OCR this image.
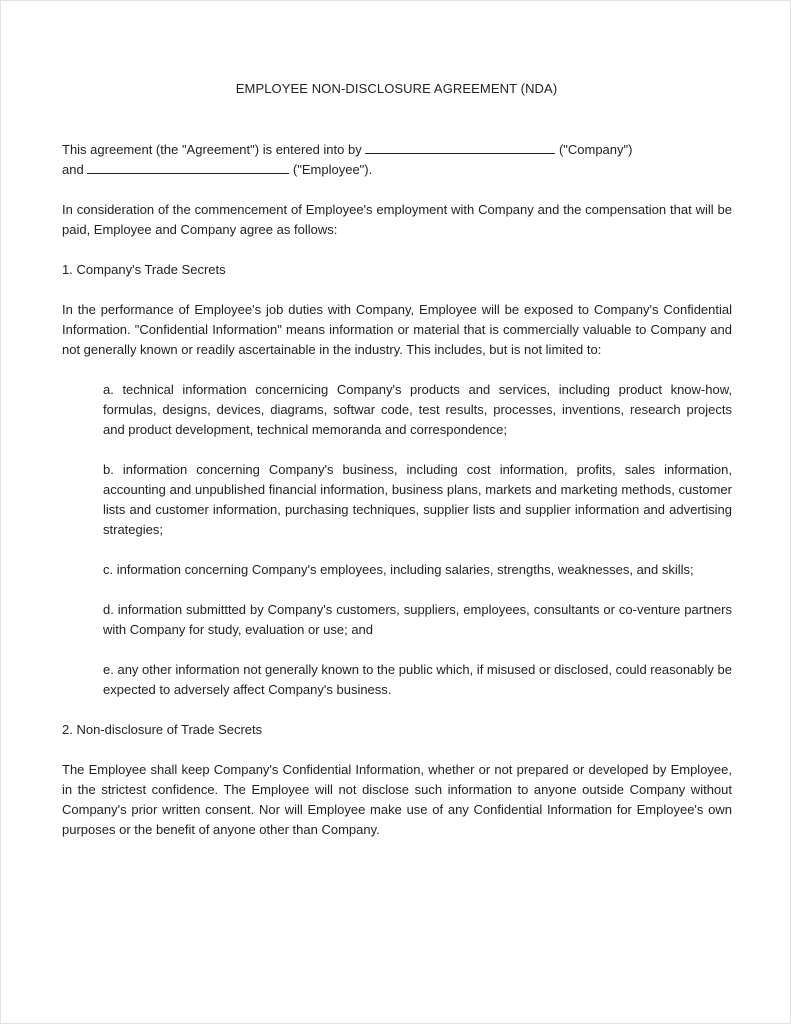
EMPLOYEE NON-DISCLOSURE AGREEMENT (NDA)

This agreement (the "Agreement") is entered into by	("Company")

and	("Employee").

In consideration of the commencement of Employee's employment with Company and the compensation that will be paid, Employee and Company agree as follows:

1. Company's Trade Secrets

In the performance of Employee's job duties with Company, Employee will be exposed to Company's Confidential Information. "Confidential Information" means information or material that is commercially valuable to Company and not generally known or readily ascertainable in the industry. This includes, but is not limited to:

a. technical information concernicing Company's products and services, including product know-how, formulas, designs, devices, diagrams, softwar code, test results, processes, inventions, research projects and product development, technical memoranda and correspondence;

b. information concerning Company's business, including cost information, profits, sales information, accounting and unpublished financial information, business plans, markets and marketing methods, customer lists and customer information, purchasing techniques, supplier lists and supplier information and advertising strategies;

c. information concerning Company's employees, including salaries, strengths, weaknesses, and skills;

d. information submittted by Company's customers, suppliers, employees, consultants or co-venture partners with Company for study, evaluation or use; and

e. any other information not generally known to the public which, if misused or disclosed, could reasonably be expected to adversely affect Company's business.

2. Non-disclosure of Trade Secrets

The Employee shall keep Company's Confidential Information, whether or not prepared or developed by Employee, in the strictest confidence. The Employee will not disclose such information to anyone outside Company without Company's prior written consent. Nor will Employee make use of any Confidential Information for Employee's own purposes or the benefit of anyone other than Company.
